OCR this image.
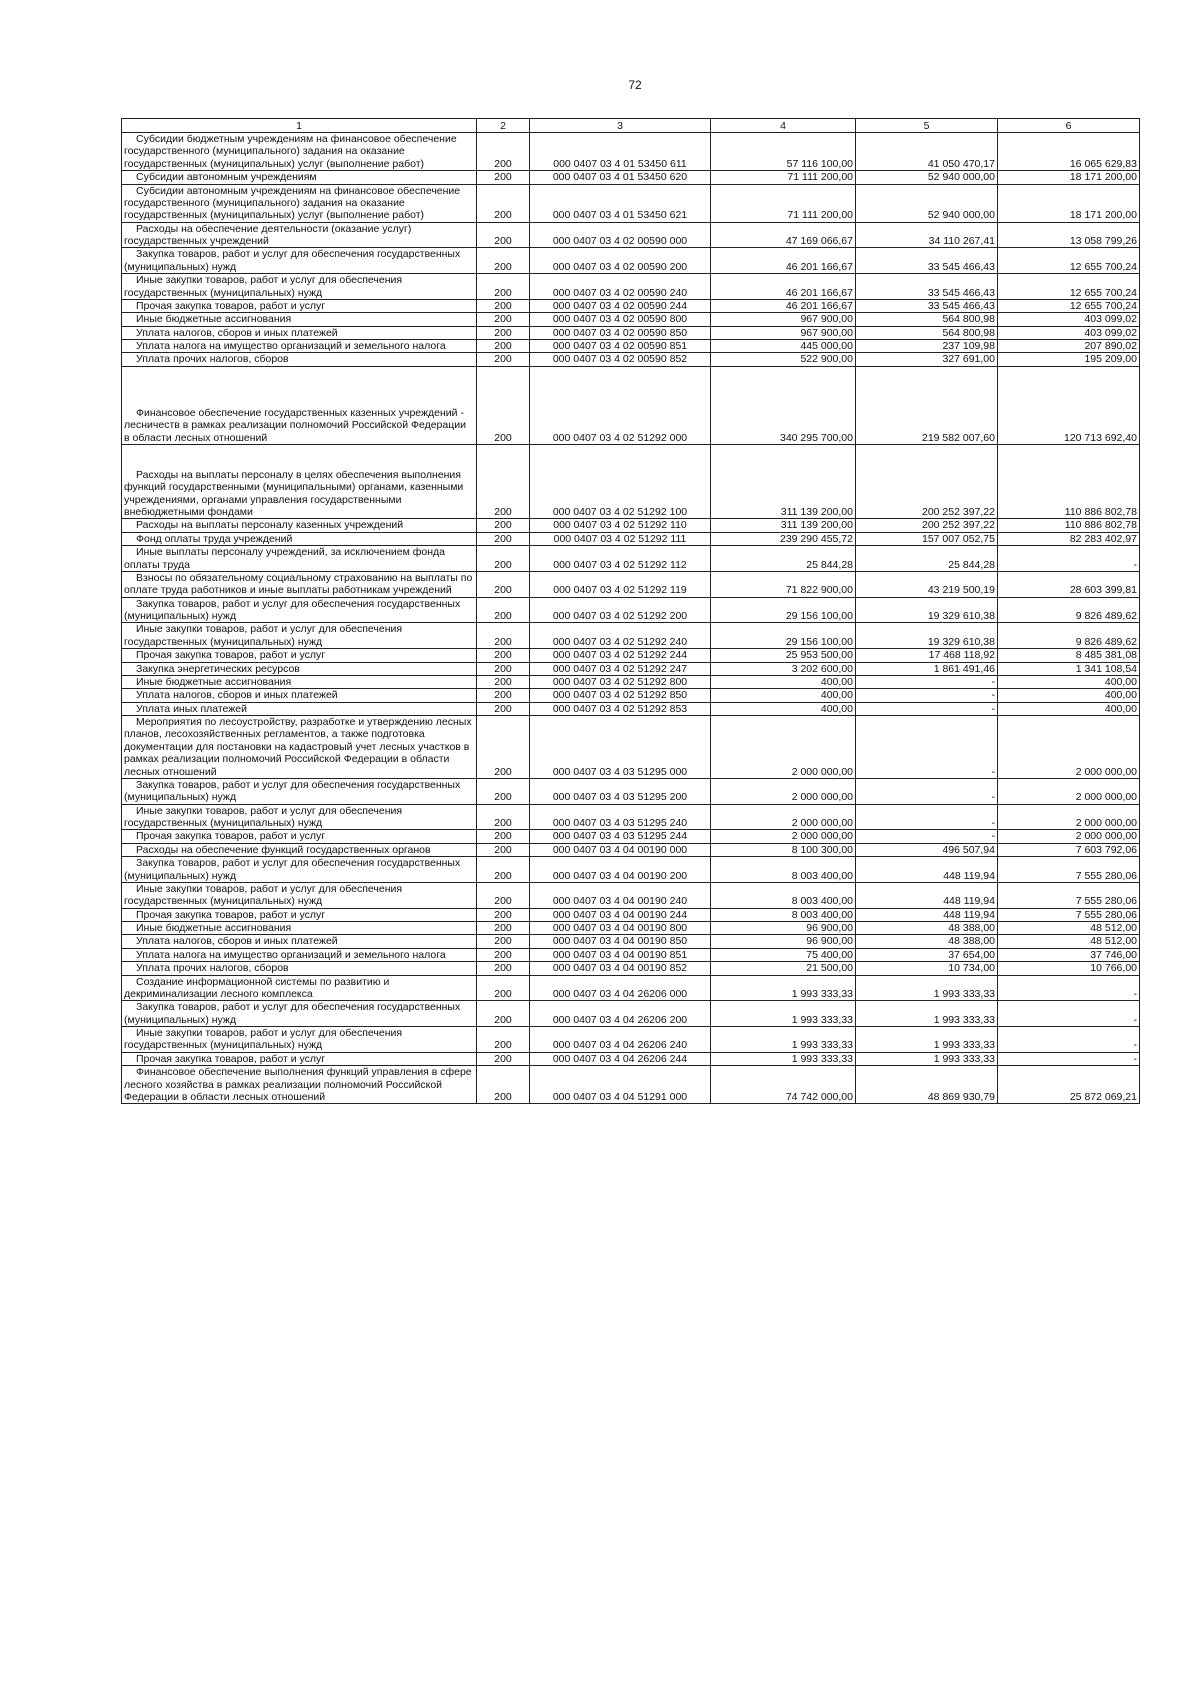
72
1	2	3	4	5	6

Субсидии бюджетным учреждениям на финансовое обеспечение государственного (муниципального) задания на оказание государственных (муниципальных) услуг (выполнение работ)	200	000 0407 03 4 01 53450 611	57 116 100,00	41 050 470,17	16 065 629,83

Субсидии автономным учреждениям	200	000 0407 03 4 01 53450 620	71 111 200,00	52 940 000,00	18 171 200,00

Субсидии автономным учреждениям на финансовое обеспечение государственного (муниципального) задания на оказание государственных (муниципальных) услуг (выполнение работ)	200	000 0407 03 4 01 53450 621	71 111 200,00	52 940 000,00	18 171 200,00

Расходы на обеспечение деятельности (оказание услуг) государственных учреждений	200	000 0407 03 4 02 00590 000	47 169 066,67	34 110 267,41	13 058 799,26

Закупка товаров, работ и услуг для обеспечения государственных (муниципальных) нужд	200	000 0407 03 4 02 00590 200	46 201 166,67	33 545 466,43	12 655 700,24

Иные закупки товаров, работ и услуг для обеспечения государственных (муниципальных) нужд	200	000 0407 03 4 02 00590 240	46 201 166,67	33 545 466,43	12 655 700,24

Прочая закупка товаров, работ и услуг	200	000 0407 03 4 02 00590 244	46 201 166,67	33 545 466,43	12 655 700,24

Иные бюджетные ассигнования	200	000 0407 03 4 02 00590 800	967 900,00	564 800,98	403 099,02

Уплата налогов, сборов и иных платежей	200	000 0407 03 4 02 00590 850	967 900,00	564 800,98	403 099,02

Уплата налога на имущество организаций и земельного налога	200	000 0407 03 4 02 00590 851	445 000,00	237 109,98	207 890,02

Уплата прочих налогов, сборов	200	000 0407 03 4 02 00590 852	522 900,00	327 691,00	195 209,00

Финансовое обеспечение государственных казенных учреждений - лесничеств в рамках реализации полномочий Российской Федерации в области лесных отношений	200	000 0407 03 4 02 51292 000	340 295 700,00	219 582 007,60	120 713 692,40

Расходы на выплаты персоналу в целях обеспечения выполнения функций государственными (муниципальными) органами, казенными учреждениями, органами управления государственными внебюджетными фондами	200	000 0407 03 4 02 51292 100	311 139 200,00	200 252 397,22	110 886 802,78

Расходы на выплаты персоналу казенных учреждений	200	000 0407 03 4 02 51292 110	311 139 200,00	200 252 397,22	110 886 802,78

Фонд оплаты труда учреждений	200	000 0407 03 4 02 51292 111	239 290 455,72	157 007 052,75	82 283 402,97

Иные выплаты персоналу учреждений, за исключением фонда оплаты труда	200	000 0407 03 4 02 51292 112	25 844,28	25 844,28	-

Взносы по обязательному социальному страхованию на выплаты по оплате труда работников и иные выплаты работникам учреждений	200	000 0407 03 4 02 51292 119	71 822 900,00	43 219 500,19	28 603 399,81

Закупка товаров, работ и услуг для обеспечения государственных (муниципальных) нужд	200	000 0407 03 4 02 51292 200	29 156 100,00	19 329 610,38	9 826 489,62

Иные закупки товаров, работ и услуг для обеспечения государственных (муниципальных) нужд	200	000 0407 03 4 02 51292 240	29 156 100,00	19 329 610,38	9 826 489,62

Прочая закупка товаров, работ и услуг	200	000 0407 03 4 02 51292 244	25 953 500,00	17 468 118,92	8 485 381,08

Закупка энергетических ресурсов	200	000 0407 03 4 02 51292 247	3 202 600,00	1 861 491,46	1 341 108,54

Иные бюджетные ассигнования	200	000 0407 03 4 02 51292 800	400,00	-	400,00

Уплата налогов, сборов и иных платежей	200	000 0407 03 4 02 51292 850	400,00	-	400,00

Уплата иных платежей	200	000 0407 03 4 02 51292 853	400,00	-	400,00

Мероприятия по лесоустройству, разработке и утверждению лесных планов, лесохозяйственных регламентов, а также подготовка документации для постановки на кадастровый учет лесных участков в рамках реализации полномочий Российской Федерации в области лесных отношений	200	000 0407 03 4 03 51295 000	2 000 000,00	-	2 000 000,00

Закупка товаров, работ и услуг для обеспечения государственных (муниципальных) нужд	200	000 0407 03 4 03 51295 200	2 000 000,00	-	2 000 000,00

Иные закупки товаров, работ и услуг для обеспечения государственных (муниципальных) нужд	200	000 0407 03 4 03 51295 240	2 000 000,00	-	2 000 000,00

Прочая закупка товаров, работ и услуг	200	000 0407 03 4 03 51295 244	2 000 000,00	-	2 000 000,00

Расходы на обеспечение функций государственных органов	200	000 0407 03 4 04 00190 000	8 100 300,00	496 507,94	7 603 792,06

Закупка товаров, работ и услуг для обеспечения государственных (муниципальных) нужд	200	000 0407 03 4 04 00190 200	8 003 400,00	448 119,94	7 555 280,06

Иные закупки товаров, работ и услуг для обеспечения государственных (муниципальных) нужд	200	000 0407 03 4 04 00190 240	8 003 400,00	448 119,94	7 555 280,06

Прочая закупка товаров, работ и услуг	200	000 0407 03 4 04 00190 244	8 003 400,00	448 119,94	7 555 280,06

Иные бюджетные ассигнования	200	000 0407 03 4 04 00190 800	96 900,00	48 388,00	48 512,00

Уплата налогов, сборов и иных платежей	200	000 0407 03 4 04 00190 850	96 900,00	48 388,00	48 512,00

Уплата налога на имущество организаций и земельного налога	200	000 0407 03 4 04 00190 851	75 400,00	37 654,00	37 746,00

Уплата прочих налогов, сборов	200	000 0407 03 4 04 00190 852	21 500,00	10 734,00	10 766,00

Создание информационной системы по развитию и декриминализации лесного комплекса	200	000 0407 03 4 04 26206 000	1 993 333,33	1 993 333,33	-

Закупка товаров, работ и услуг для обеспечения государственных (муниципальных) нужд	200	000 0407 03 4 04 26206 200	1 993 333,33	1 993 333,33	-

Иные закупки товаров, работ и услуг для обеспечения государственных (муниципальных) нужд	200	000 0407 03 4 04 26206 240	1 993 333,33	1 993 333,33	-

Прочая закупка товаров, работ и услуг	200	000 0407 03 4 04 26206 244	1 993 333,33	1 993 333,33	-

Финансовое обеспечение выполнения функций управления в сфере лесного хозяйства в рамках реализации полномочий Российской Федерации в области лесных отношений	200	000 0407 03 4 04 51291 000	74 742 000,00	48 869 930,79	25 872 069,21
